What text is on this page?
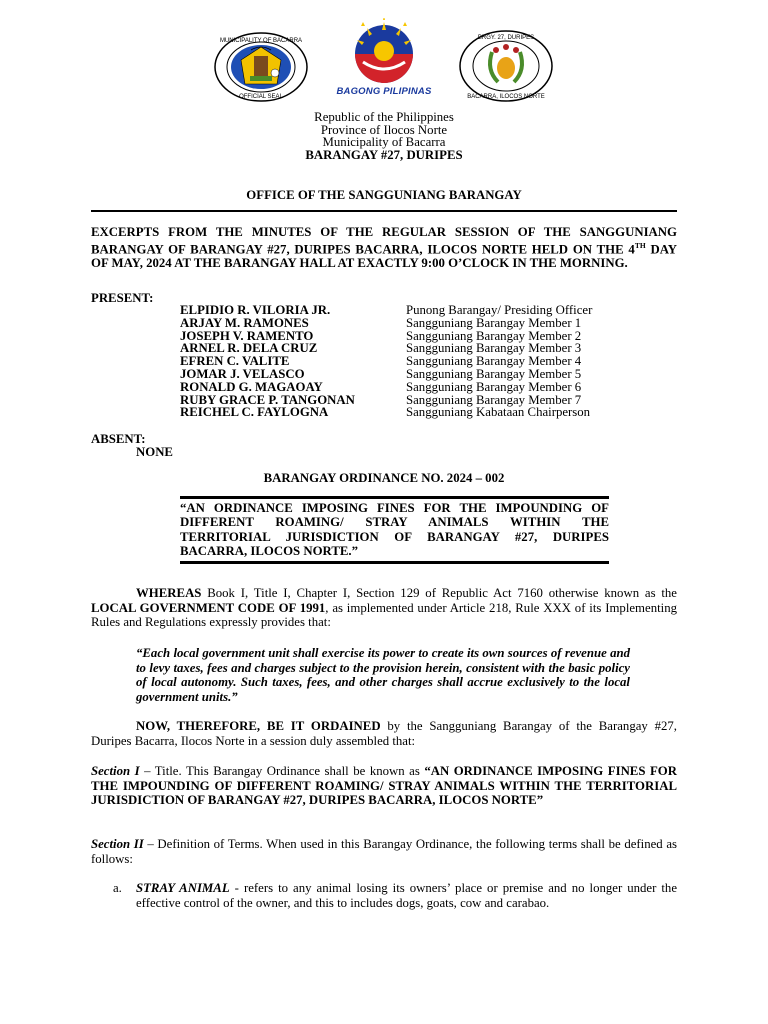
MUNICIPALITY OF BACARRA
OFFICIAL SEAL	BAGONG PILIPINAS
BRGY. 27, DURIPES
BACARRA, ILOCOS NORTE
Republic of the Philippines
Province of Ilocos Norte
Municipality of Bacarra
BARANGAY #27, DURIPES
OFFICE OF THE SANGGUNIANG BARANGAY
EXCERPTS FROM THE MINUTES OF THE REGULAR SESSION OF THE SANGGUNIANG BARANGAY OF BARANGAY #27, DURIPES BACARRA, ILOCOS NORTE HELD ON THE 4TH DAY OF MAY, 2024 AT THE BARANGAY HALL AT EXACTLY 9:00 O’CLOCK IN THE MORNING.
PRESENT:
ELPIDIO R. VILORIA JR.	Punong Barangay/ Presiding Officer
ARJAY M. RAMONES	Sangguniang Barangay Member 1
JOSEPH V. RAMENTO	Sangguniang Barangay Member 2
ARNEL R. DELA CRUZ	Sangguniang Barangay Member 3
EFREN C. VALITE	Sangguniang Barangay Member 4
JOMAR J. VELASCO	Sangguniang Barangay Member 5
RONALD G. MAGAOAY	Sangguniang Barangay Member 6
RUBY GRACE P. TANGONAN	Sangguniang Barangay Member 7
REICHEL C. FAYLOGNA	Sangguniang Kabataan Chairperson
ABSENT:
NONE
BARANGAY ORDINANCE NO. 2024 – 002
“AN ORDINANCE IMPOSING FINES FOR THE IMPOUNDING OF DIFFERENT ROAMING/ STRAY ANIMALS WITHIN THE TERRITORIAL JURISDICTION OF BARANGAY #27, DURIPES BACARRA, ILOCOS NORTE.”
WHEREAS Book I, Title I, Chapter I, Section 129 of Republic Act 7160 otherwise known as the LOCAL GOVERNMENT CODE OF 1991, as implemented under Article 218, Rule XXX of its Implementing Rules and Regulations expressly provides that:
“Each local government unit shall exercise its power to create its own sources of revenue and to levy taxes, fees and charges subject to the provision herein, consistent with the basic policy of local autonomy. Such taxes, fees, and other charges shall accrue exclusively to the local government units.”
NOW, THEREFORE, BE IT ORDAINED by the Sangguniang Barangay of the Barangay #27, Duripes Bacarra, Ilocos Norte in a session duly assembled that:
Section I – Title. This Barangay Ordinance shall be known as “AN ORDINANCE IMPOSING FINES FOR THE IMPOUNDING OF DIFFERENT ROAMING/ STRAY ANIMALS WITHIN THE TERRITORIAL JURISDICTION OF BARANGAY #27, DURIPES BACARRA, ILOCOS NORTE”
Section II – Definition of Terms. When used in this Barangay Ordinance, the following terms shall be defined as follows:
a. STRAY ANIMAL - refers to any animal losing its owners’ place or premise and no longer under the effective control of the owner, and this to includes dogs, goats, cow and carabao.
